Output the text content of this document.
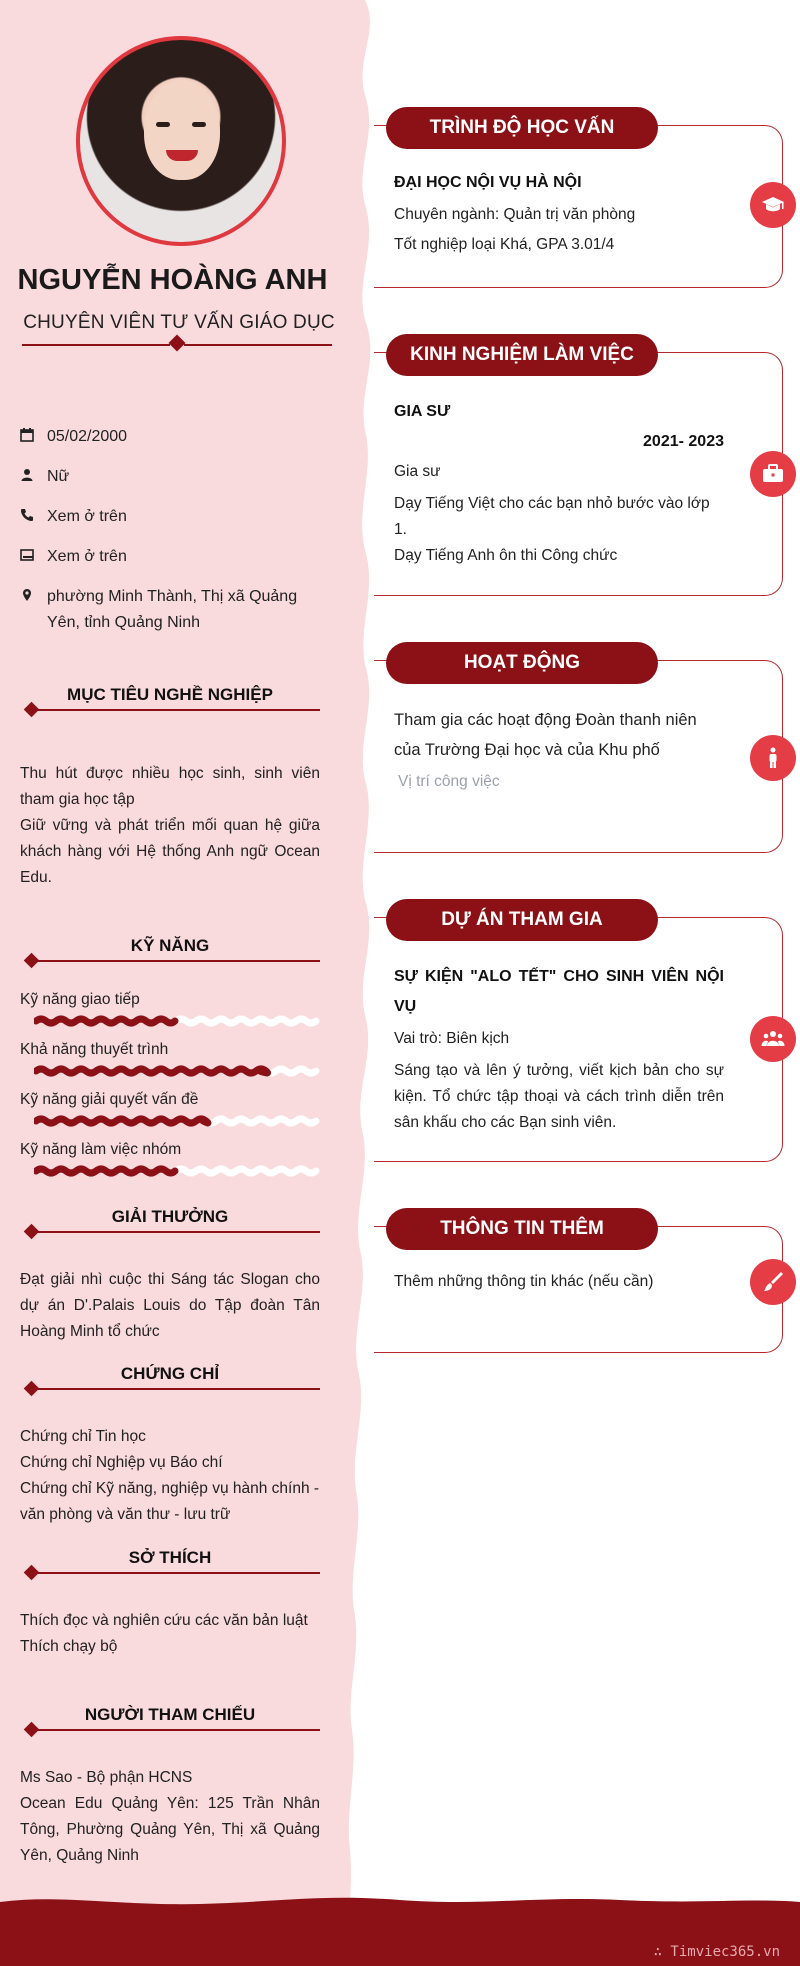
NGUYỄN HOÀNG ANH
CHUYÊN VIÊN TƯ VẤN GIÁO DỤC
05/02/2000
Nữ
Xem ở trên
Xem ở trên
phường Minh Thành, Thị xã Quảng Yên, tỉnh Quảng Ninh
MỤC TIÊU NGHỀ NGHIỆP
Thu hút được nhiều học sinh, sinh viên tham gia học tập
Giữ vững và phát triển mối quan hệ giữa khách hàng với Hệ thống Anh ngữ Ocean Edu.
KỸ NĂNG
Kỹ năng giao tiếp
Khả năng thuyết trình
Kỹ năng giải quyết vấn đề
Kỹ năng làm việc nhóm
GIẢI THƯỞNG
Đạt giải nhì cuộc thi Sáng tác Slogan cho dự án D'.Palais Louis do Tập đoàn Tân Hoàng Minh tổ chức
CHỨNG CHỈ
Chứng chỉ Tin học
Chứng chỉ Nghiệp vụ Báo chí
Chứng chỉ Kỹ năng, nghiệp vụ hành chính - văn phòng và văn thư - lưu trữ
SỞ THÍCH
Thích đọc và nghiên cứu các văn bản luật
Thích chạy bộ
NGƯỜI THAM CHIẾU
Ms Sao - Bộ phận HCNS
Ocean Edu Quảng Yên: 125 Trần Nhân Tông, Phường Quảng Yên, Thị xã Quảng Yên, Quảng Ninh
ĐẠI HỌC NỘI VỤ HÀ NỘI
Chuyên ngành: Quản trị văn phòng
Tốt nghiệp loại Khá, GPA 3.01/4
TRÌNH ĐỘ HỌC VẤN
GIA SƯ
2021- 2023
Gia sư
Dạy Tiếng Việt cho các bạn nhỏ bước vào lớp 1.
Dạy Tiếng Anh ôn thi Công chức
KINH NGHIỆM LÀM VIỆC
Tham gia các hoạt động Đoàn thanh niên của Trường Đại học và của Khu phố
Vị trí công việc
HOẠT ĐỘNG
SỰ KIỆN "ALO TẾT" CHO SINH VIÊN NỘI VỤ
Vai trò: Biên kịch
Sáng tạo và lên ý tưởng, viết kịch bản cho sự kiện. Tổ chức tập thoại và cách trình diễn trên sân khấu cho các Bạn sinh viên.
DỰ ÁN THAM GIA
Thêm những thông tin khác (nếu cần)
THÔNG TIN THÊM
∴ Timviec365.vn
